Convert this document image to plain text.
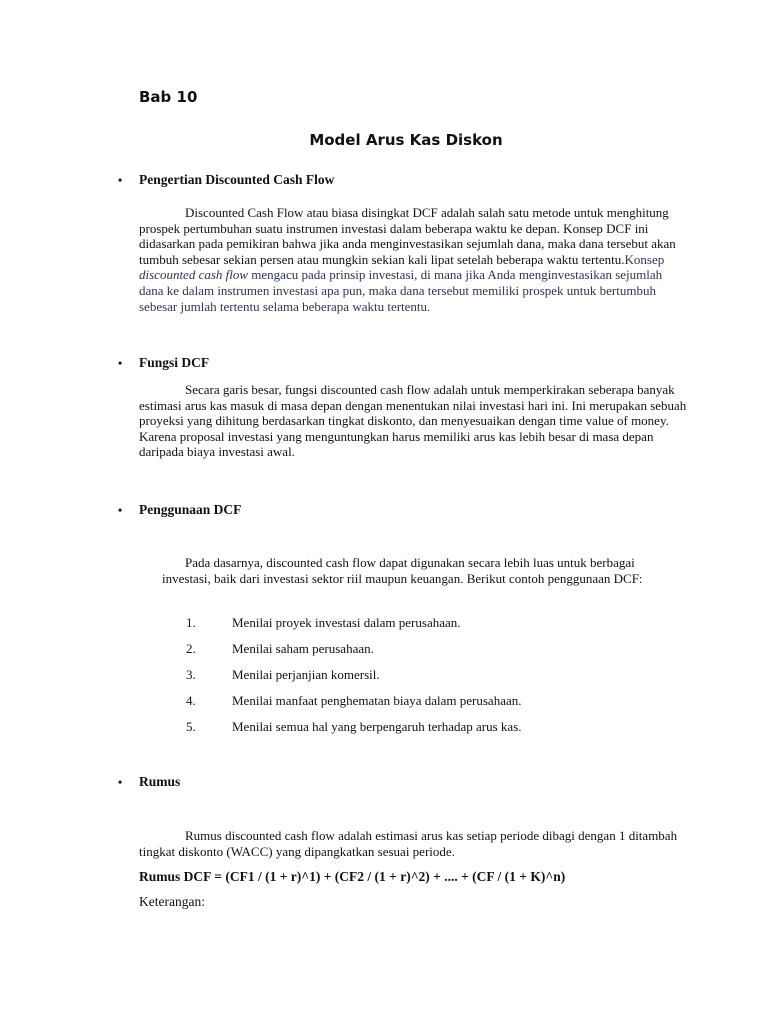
Bab 10
Model Arus Kas Diskon

• Pengertian Discounted Cash Flow

Discounted Cash Flow atau biasa disingkat DCF adalah salah satu metode untuk menghitung prospek pertumbuhan suatu instrumen investasi dalam beberapa waktu ke depan. Konsep DCF ini didasarkan pada pemikiran bahwa jika anda menginvestasikan sejumlah dana, maka dana tersebut akan tumbuh sebesar sekian persen atau mungkin sekian kali lipat setelah beberapa waktu tertentu.Konsep discounted cash flow mengacu pada prinsip investasi, di mana jika Anda menginvestasikan sejumlah dana ke dalam instrumen investasi apa pun, maka dana tersebut memiliki prospek untuk bertumbuh sebesar jumlah tertentu selama beberapa waktu tertentu.

• Fungsi DCF

Secara garis besar, fungsi discounted cash flow adalah untuk memperkirakan seberapa banyak estimasi arus kas masuk di masa depan dengan menentukan nilai investasi hari ini. Ini merupakan sebuah proyeksi yang dihitung berdasarkan tingkat diskonto, dan menyesuaikan dengan time value of money. Karena proposal investasi yang menguntungkan harus memiliki arus kas lebih besar di masa depan daripada biaya investasi awal.

• Penggunaan DCF

Pada dasarnya, discounted cash flow dapat digunakan secara lebih luas untuk berbagai investasi, baik dari investasi sektor riil maupun keuangan. Berikut contoh penggunaan DCF:

1.	Menilai proyek investasi dalam perusahaan.
2.	Menilai saham perusahaan.
3.	Menilai perjanjian komersil.
4.	Menilai manfaat penghematan biaya dalam perusahaan.
5.	Menilai semua hal yang berpengaruh terhadap arus kas.

• Rumus

Rumus discounted cash flow adalah estimasi arus kas setiap periode dibagi dengan 1 ditambah tingkat diskonto (WACC) yang dipangkatkan sesuai periode.

Rumus DCF = (CF1 / (1 + r)^1) + (CF2 / (1 + r)^2) + .... + (CF / (1 + K)^n)

Keterangan:
